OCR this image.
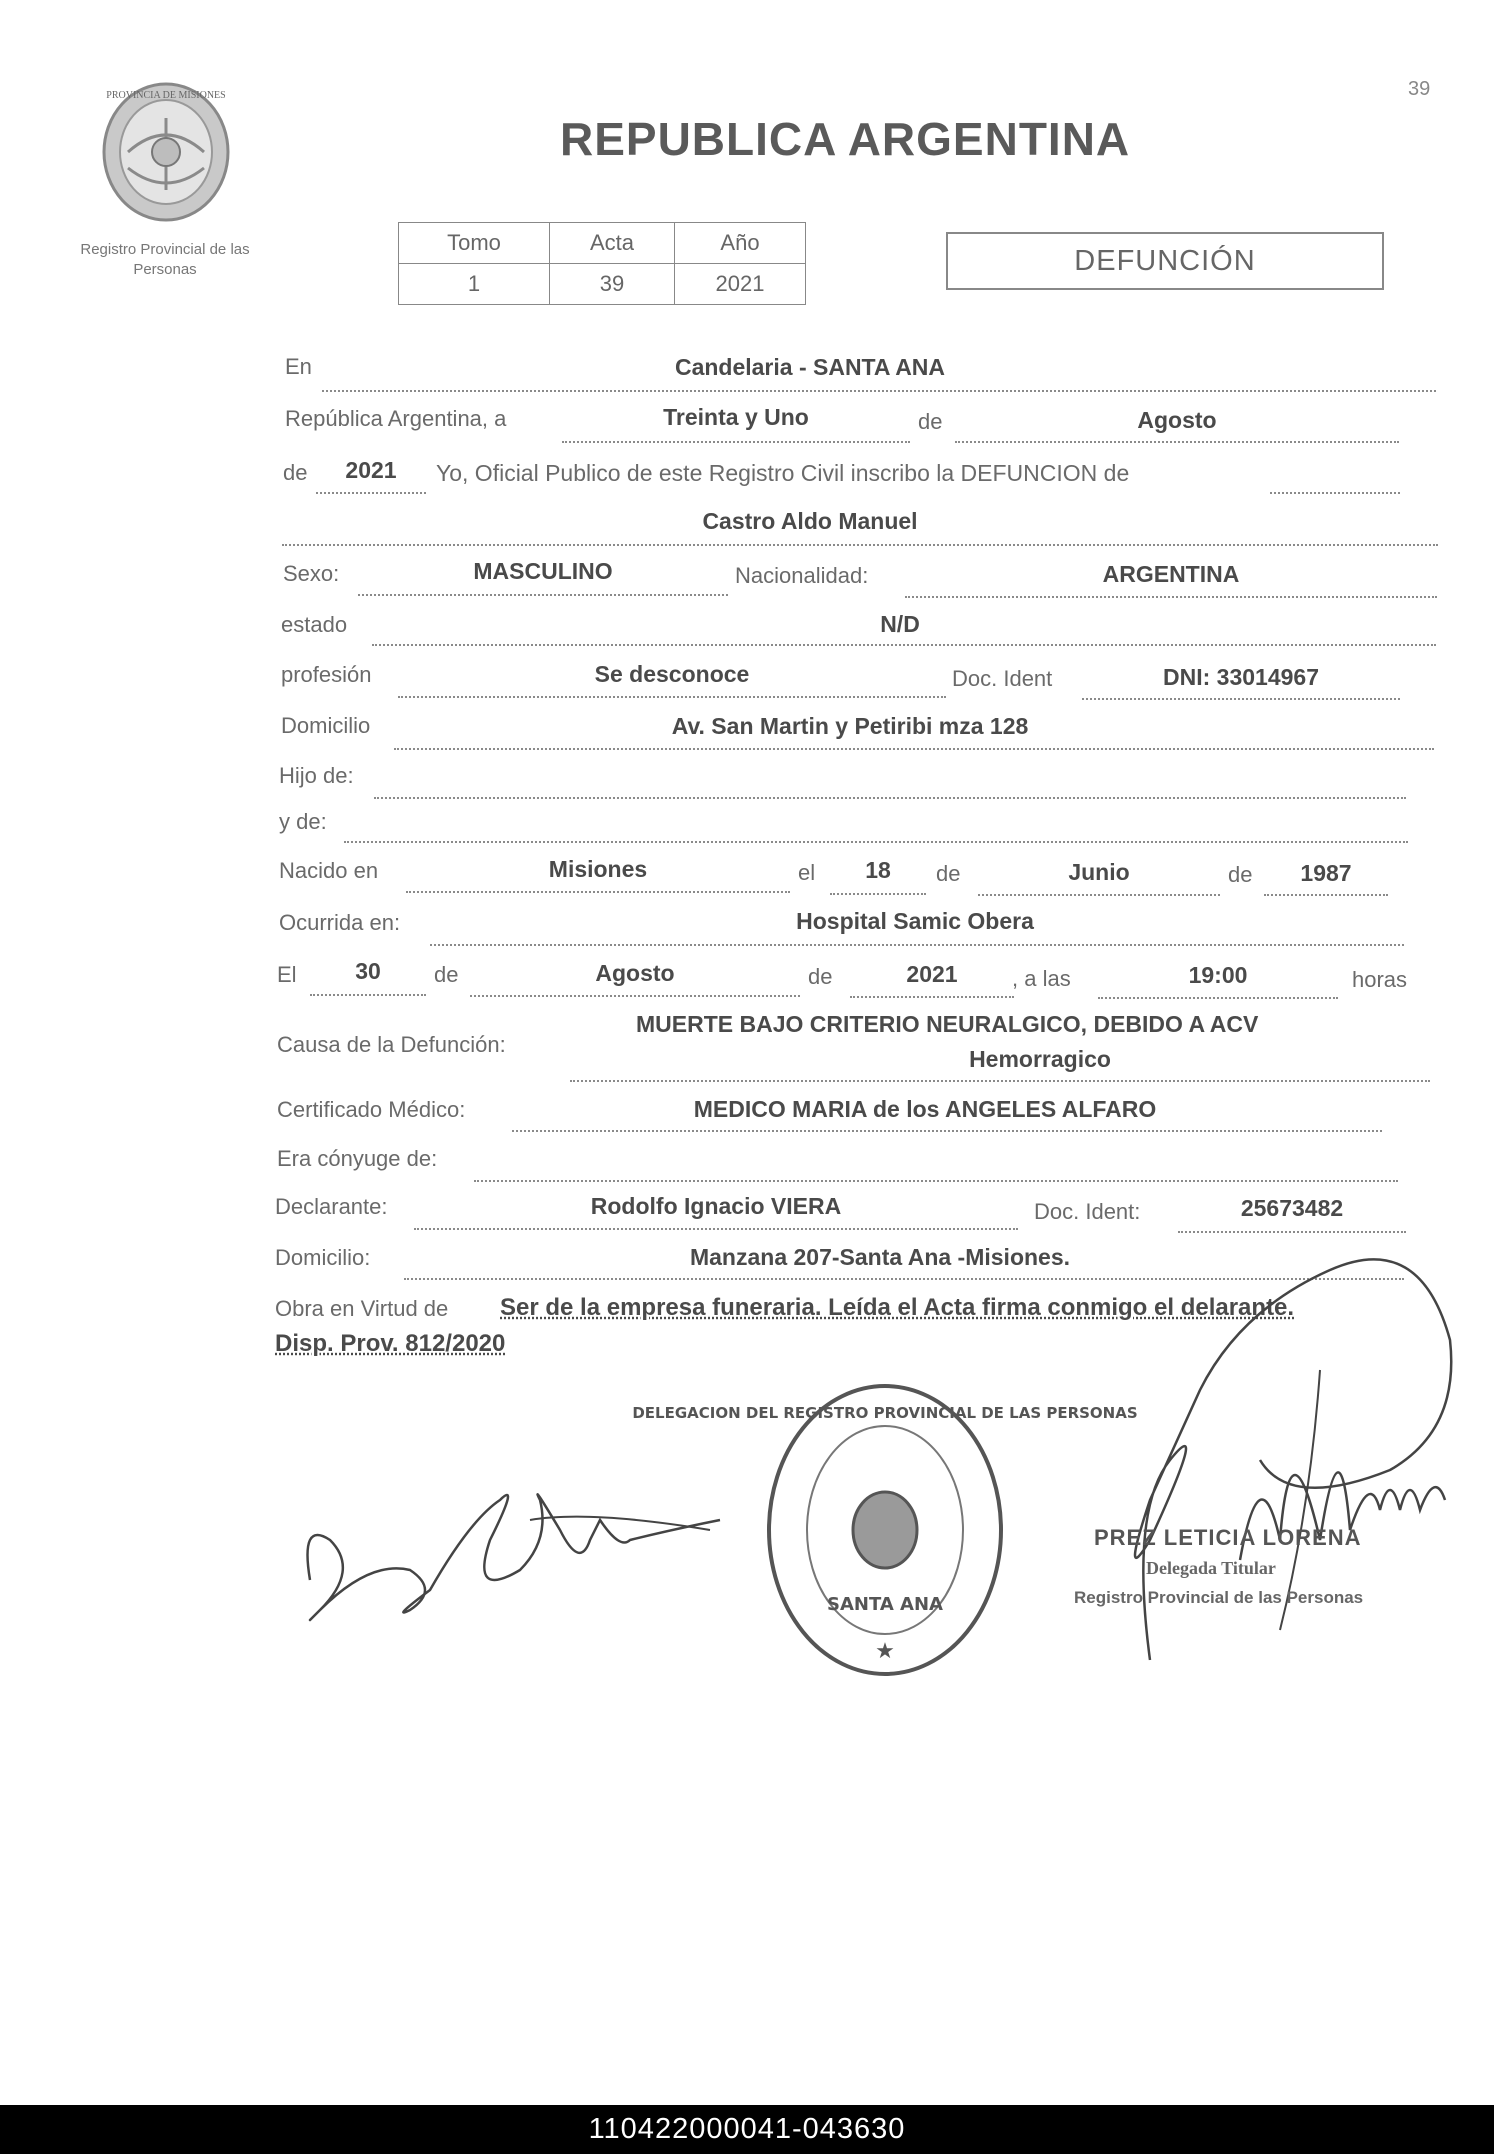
39
PROVINCIA DE MISIONES
Registro Provincial de las Personas
REPUBLICA ARGENTINA
Tomo	Acta	Año
1	39	2021
DEFUNCIÓN
En	Candelaria - SANTA ANA
República Argentina, a	Treinta y Uno	de	Agosto
de	2021	Yo, Oficial Publico de este Registro Civil inscribo la DEFUNCION de
Castro Aldo Manuel
Sexo:	MASCULINO	Nacionalidad:	ARGENTINA
estado	N/D
profesión	Se desconoce	Doc. Ident	DNI: 33014967
Domicilio	Av. San Martin y Petiribi mza 128
Hijo de:
y de:
Nacido en	Misiones	el	18	de	Junio	de	1987
Ocurrida en:	Hospital Samic Obera
El	30	de	Agosto	de	2021	, a las	19:00	horas
Causa de la Defunción:
MUERTE BAJO CRITERIO NEURALGICO, DEBIDO A ACV
Hemorragico
Certificado Médico:	MEDICO MARIA de los ANGELES ALFARO
Era cónyuge de:
Declarante:	Rodolfo Ignacio VIERA	Doc. Ident:	25673482
Domicilio:	Manzana 207-Santa Ana -Misiones.
Obra en Virtud de Ser de la empresa funeraria. Leída el Acta firma conmigo el delarante.
Disp. Prov. 812/2020
DELEGACION DEL REGISTRO PROVINCIAL DE LAS PERSONAS
SANTA ANA
★
PREZ LETICIA LORENA
Delegada Titular
Registro Provincial de las Personas
110422000041-043630
